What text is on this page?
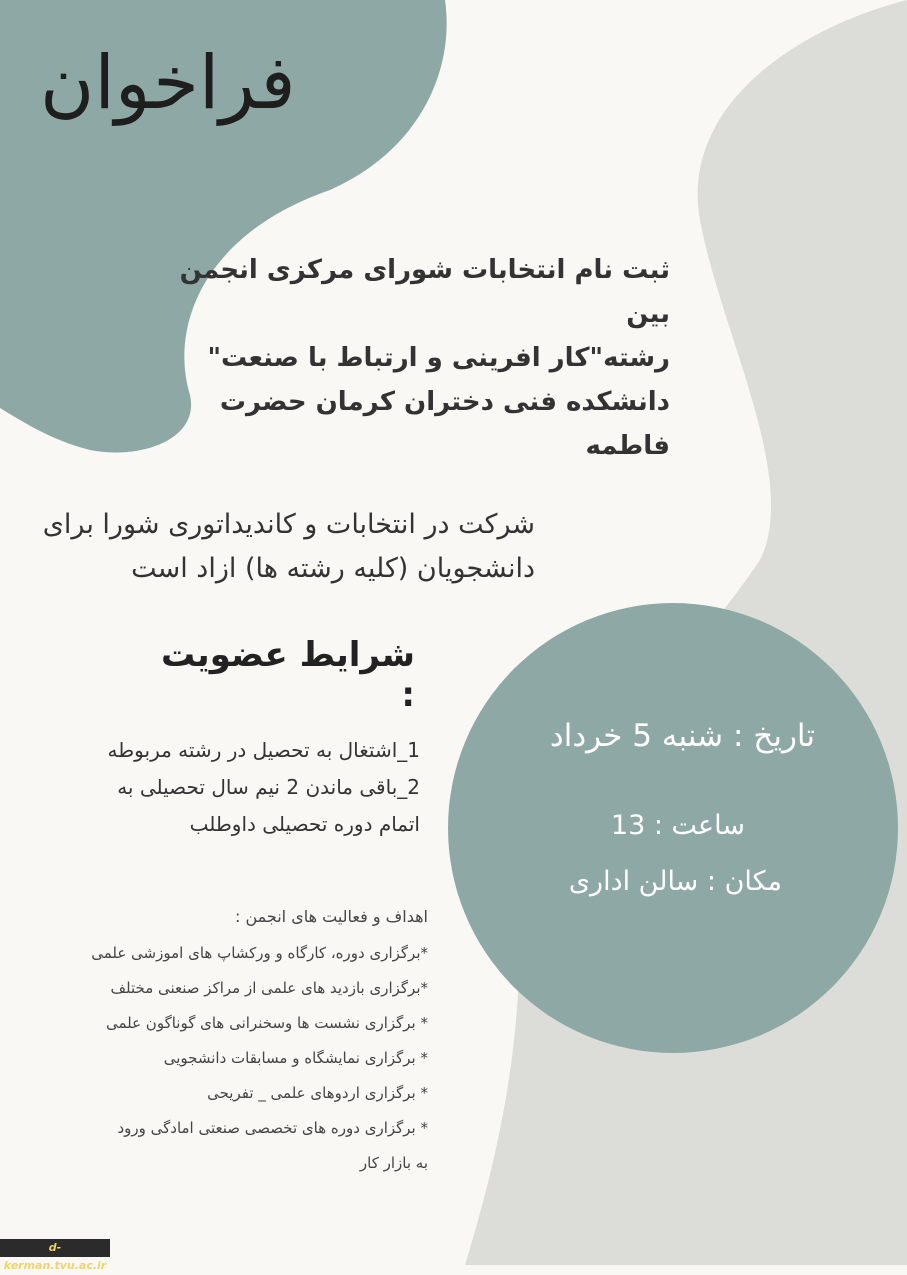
فراخوان
ثبت نام انتخابات شورای مرکزی انجمن بین
رشته"کار افرینی و ارتباط با صنعت"
دانشکده فنی دختران کرمان حضرت فاطمه
شرکت در انتخابات و کاندیداتوری شورا برای
دانشجویان (کلیه رشته ها) ازاد است
شرایط عضویت :
1_اشتغال به تحصیل در رشته مربوطه
2_باقی ماندن 2 نیم سال تحصیلی به
اتمام دوره تحصیلی داوطلب
تاریخ : شنبه 5 خرداد
ساعت : 13
مکان : سالن اداری
اهداف و فعالیت های انجمن :
*برگزاری دوره، کارگاه و ورکشاپ های اموزشی علمی
*برگزاری بازدید های علمی از مراکز صنعنی مختلف
* برگزاری نشست ها وسخنرانی های گوناگون علمی
* برگزاری نمایشگاه و مسابقات دانشجویی
* برگزاری اردوهای علمی _ تفریحی
* برگزاری دوره های تخصصی صنعتی امادگی ورود
به بازار کار
d-kerman.tvu.ac.ir
